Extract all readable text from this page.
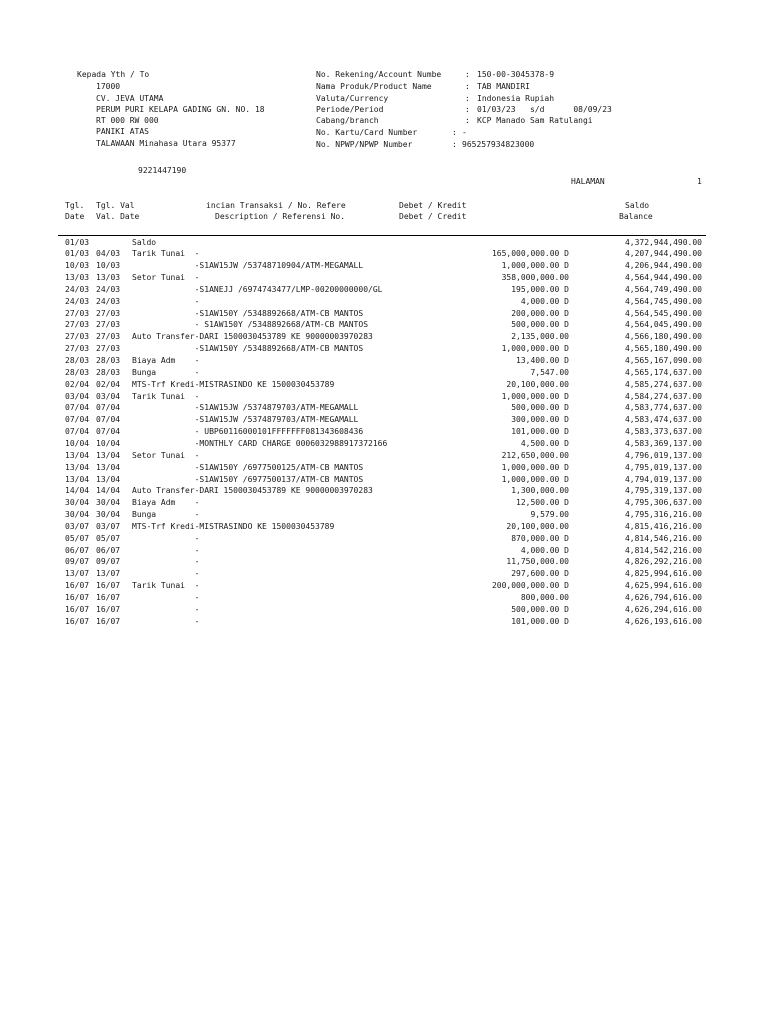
Kepada Yth / To
17000
CV. JEVA UTAMA
PERUM PURI KELAPA GADING GN. NO. 18
RT 000 RW 000
PANIKI ATAS
TALAWAAN Minahasa Utara 95377
9221447190
No. Rekening/Account Numbe	: 150-00-3045378-9
Nama Produk/Product Name	: TAB MANDIRI
Valuta/Currency	: Indonesia Rupiah
Periode/Period	: 01/03/23   s/d      08/09/23
Cabang/branch	: KCP Manado Sam Ratulangi
No. Kartu/Card Number	: -
No. NPWP/NPWP Number	: 965257934823000
HALAMAN	1
Tgl. Tgl. Val	incian Transaksi / No. Refere	Debet / Kredit	Saldo
Date Val. Date	Description / Referensi No.	Debet / Credit	Balance
01/03	Saldo	4,372,944,490.00
01/03 04/03 Tarik Tunai  -	165,000,000.00 D	4,207,944,490.00
10/03 10/03 -S1AW15JW /53748710904/ATM-MEGAMALL	1,000,000.00 D	4,206,944,490.00
13/03 13/03 Setor Tunai  -	358,000,000.00	4,564,944,490.00
24/03 24/03 -S1ANEJJ /6974743477/LMP-00200000000/GL	195,000.00 D	4,564,749,490.00
24/03 24/03 -	4,000.00 D	4,564,745,490.00
27/03 27/03 -S1AW150Y /5348892668/ATM-CB MANTOS	200,000.00 D	4,564,545,490.00
27/03 27/03 - S1AW150Y /5348892668/ATM-CB MANTOS	500,000.00 D	4,564,045,490.00
27/03 27/03 Auto Transfer-DARI 1500030453789 KE 90000003970283	2,135,000.00	4,566,180,490.00
27/03 27/03 -S1AW150Y /5348892668/ATM-CB MANTOS	1,000,000.00 D	4,565,180,490.00
28/03 28/03 Biaya Adm    -	13,400.00 D	4,565,167,090.00
28/03 28/03 Bunga        -	7,547.00	4,565,174,637.00
02/04 02/04 MTS-Trf Kredi-MISTRASINDO KE 1500030453789	20,100,000.00	4,585,274,637.00
03/04 03/04 Tarik Tunai  -	1,000,000.00 D	4,584,274,637.00
07/04 07/04 -S1AW15JW /5374879703/ATM-MEGAMALL	500,000.00 D	4,583,774,637.00
07/04 07/04 -S1AW15JW /5374879703/ATM-MEGAMALL	300,000.00 D	4,583,474,637.00
07/04 07/04 - UBP60116000101FFFFFFF081343608436	101,000.00 D	4,583,373,637.00
10/04 10/04 -MONTHLY CARD CHARGE 0006032988917372166	4,500.00 D	4,583,369,137.00
13/04 13/04 Setor Tunai  -	212,650,000.00	4,796,019,137.00
13/04 13/04 -S1AW150Y /6977500125/ATM-CB MANTOS	1,000,000.00 D	4,795,019,137.00
13/04 13/04 -S1AW150Y /6977500137/ATM-CB MANTOS	1,000,000.00 D	4,794,019,137.00
14/04 14/04 Auto Transfer-DARI 1500030453789 KE 90000003970283	1,300,000.00	4,795,319,137.00
30/04 30/04 Biaya Adm    -	12,500.00 D	4,795,306,637.00
30/04 30/04 Bunga        -	9,579.00	4,795,316,216.00
03/07 03/07 MTS-Trf Kredi-MISTRASINDO KE 1500030453789	20,100,000.00	4,815,416,216.00
05/07 05/07 -	870,000.00 D	4,814,546,216.00
06/07 06/07 -	4,000.00 D	4,814,542,216.00
09/07 09/07 -	11,750,000.00	4,826,292,216.00
13/07 13/07 -	297,600.00 D	4,825,994,616.00
16/07 16/07 Tarik Tunai  -	200,000,000.00 D	4,625,994,616.00
16/07 16/07 -	800,000.00	4,626,794,616.00
16/07 16/07 -	500,000.00 D	4,626,294,616.00
16/07 16/07 -	101,000.00 D	4,626,193,616.00
